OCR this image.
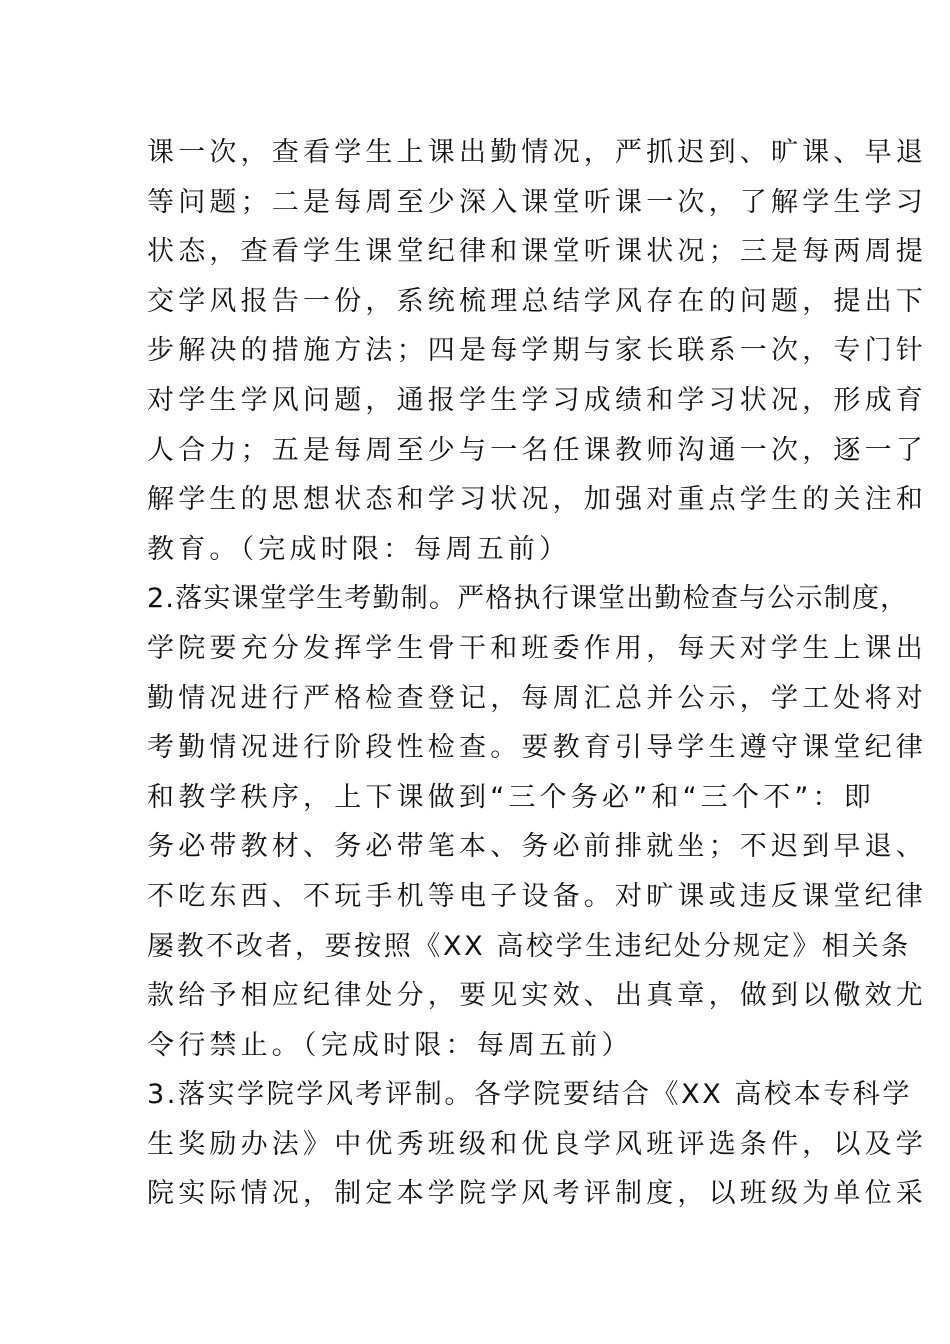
课一次，查看学生上课出勤情况，严抓迟到、旷课、早退
等问题；二是每周至少深入课堂听课一次，了解学生学习
状态，查看学生课堂纪律和课堂听课状况；三是每两周提
交学风报告一份，系统梳理总结学风存在的问题，提出下
步解决的措施方法；四是每学期与家长联系一次，专门针
对学生学风问题，通报学生学习成绩和学习状况，形成育
人合力；五是每周至少与一名任课教师沟通一次，逐一了
解学生的思想状态和学习状况，加强对重点学生的关注和
教育。（完成时限：每周五前）
2.落实课堂学生考勤制。严格执行课堂出勤检查与公示制度，
学院要充分发挥学生骨干和班委作用，每天对学生上课出
勤情况进行严格检查登记，每周汇总并公示，学工处将对
考勤情况进行阶段性检查。要教育引导学生遵守课堂纪律
和教学秩序，上下课做到“三个务必”和“三个不”：即
务必带教材、务必带笔本、务必前排就坐；不迟到早退、
不吃东西、不玩手机等电子设备。对旷课或违反课堂纪律
屡教不改者，要按照《XX 高校学生违纪处分规定》相关条
款给予相应纪律处分，要见实效、出真章，做到以儆效尤
令行禁止。（完成时限：每周五前）
3.落实学院学风考评制。各学院要结合《XX 高校本专科学
生奖励办法》中优秀班级和优良学风班评选条件，以及学
院实际情况，制定本学院学风考评制度，以班级为单位采
